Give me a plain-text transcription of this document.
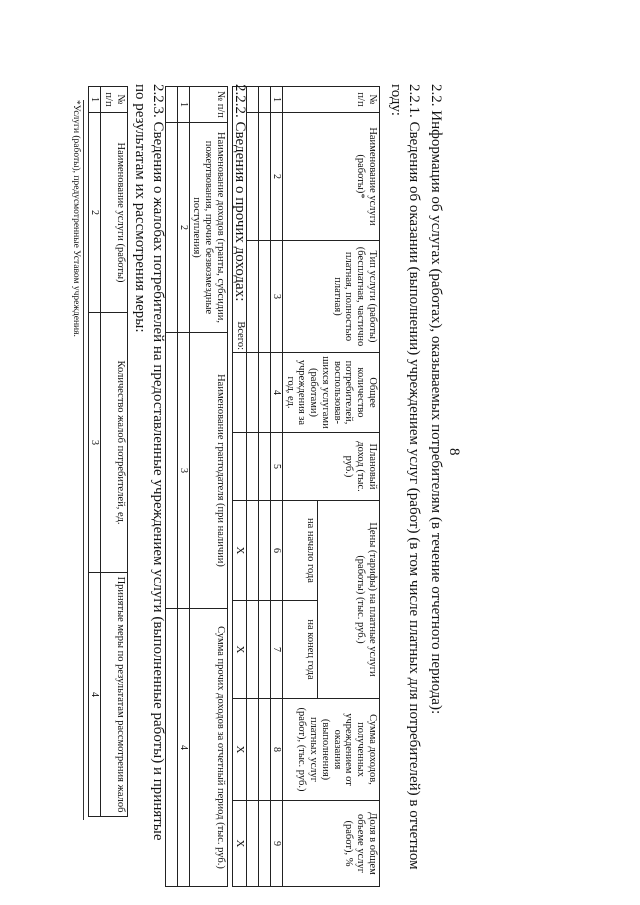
8

2.2. Информация об услугах (работах), оказываемых потребителям (в течение отчетного периода):

2.2.1. Сведения об оказании (выполнении) учреждением услуг (работ) (в том числе платных для потребителей) в отчетном

году:

№ п/п	Наименование услуги (работы)*	Тип услуги (работы) (бесплатная, частично платная, полностью платная)	Общее количество потребителей, воспользовав-шихся услугами (работами) учреждения за год, ед.	Плановый доход (тыс. руб.)	Цены (тарифы) на платные услуги (работы) (тыс. руб.)		Сумма доходов, полученных учреждением от оказания (выполнения) платных услуг (работ), (тыс. руб.)	Доля в общем объеме услуг (работ), %
					на начало года	на конец года		
1	2	3	4	5	6	7	8	9

Всего:					X	X	X	X

2.2.2. Сведения о прочих доходах:

№ п/п	Наименование доходов (гранты, субсидии, пожертвования, прочие безвозмездные поступления)	Наименование грантодателя (при наличии)	Сумма прочих доходов за отчетный период (тыс. руб.)
1	2	3	4

2.2.3. Сведения о жалобах потребителей на предоставленные учреждением услуги (выполненные работы) и принятые

по результатам их рассмотрения меры:

№ п/п	Наименование услуги (работы)	Количество жалоб потребителей, ед.	Принятые меры по результатам рассмотрения жалоб
1	2	3	4
*Услуги (работы), предусмотренные Уставом учреждения.
